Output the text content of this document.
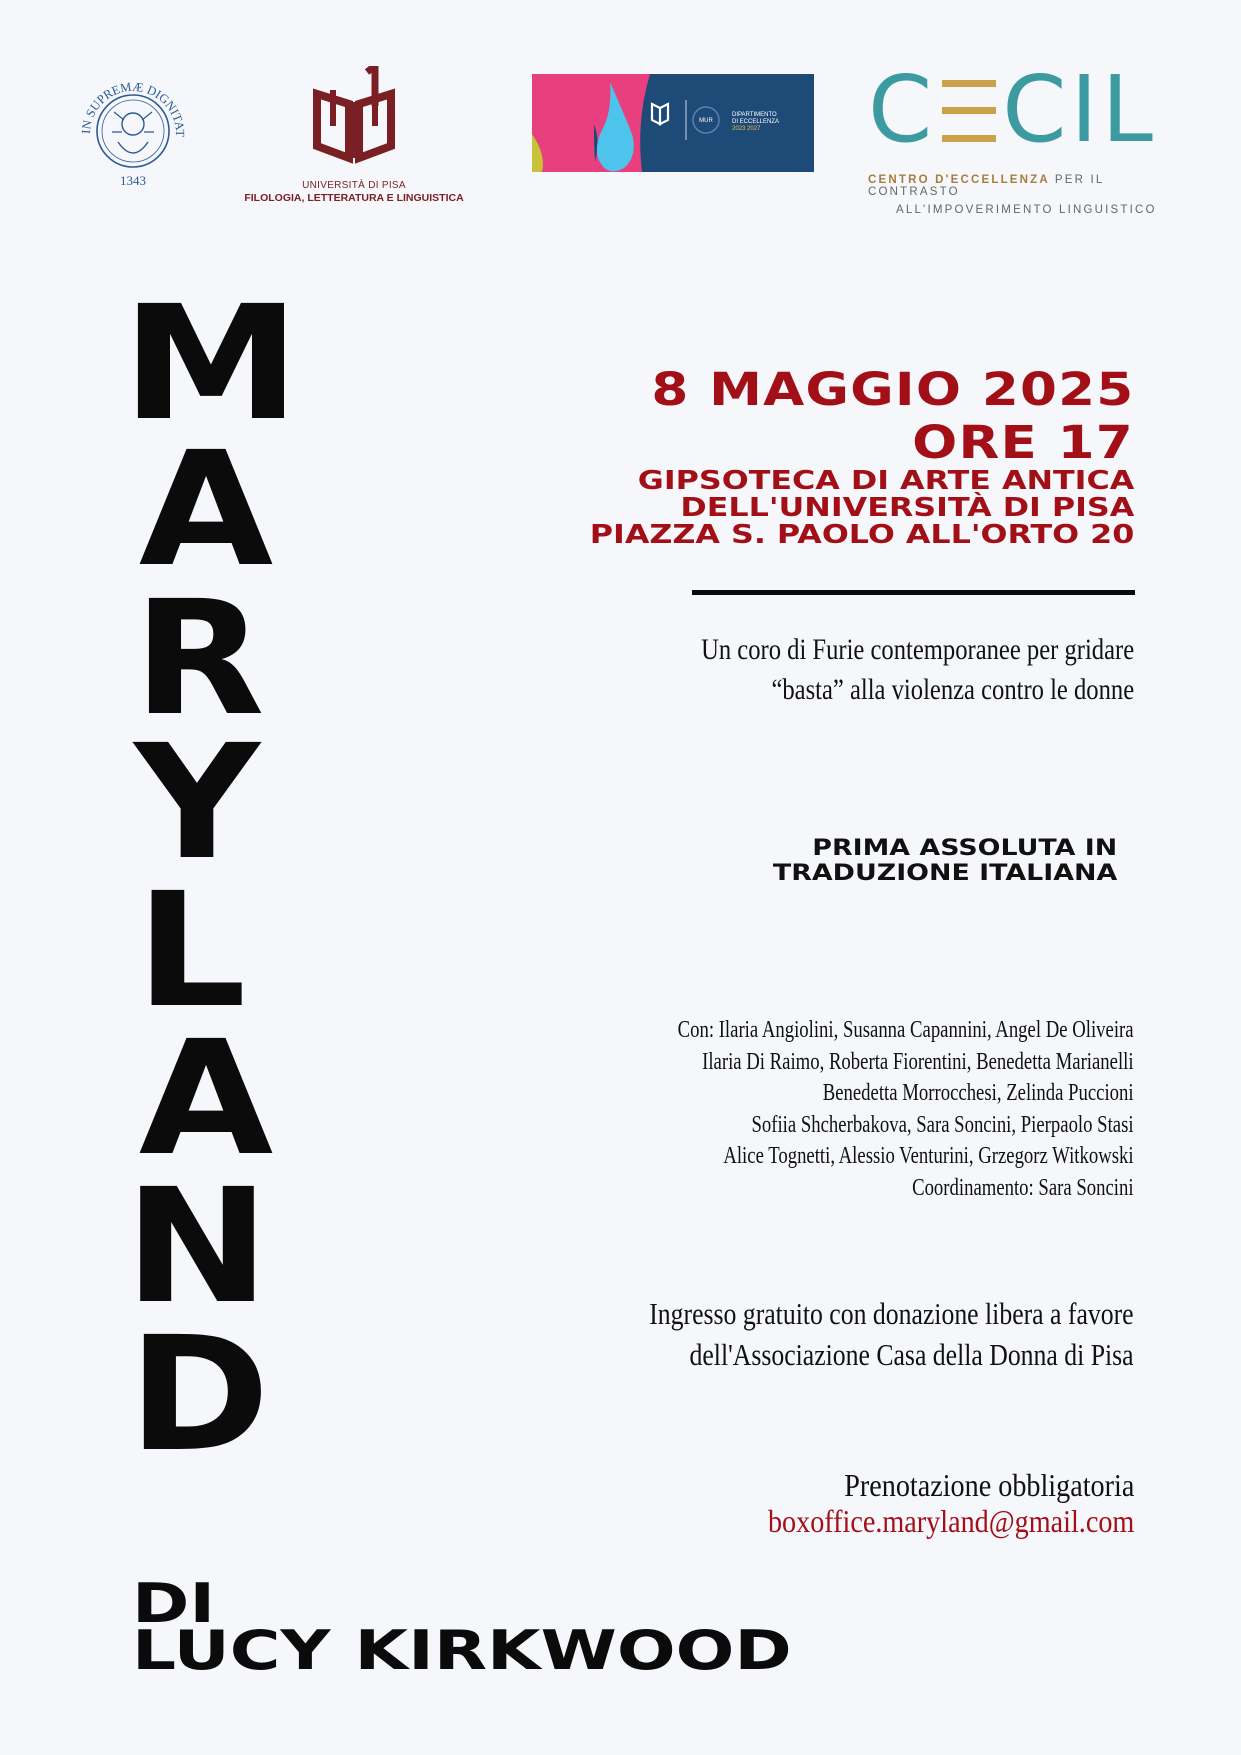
IN SUPREMÆ DIGNITAT
1343	UNIVERSITÀ DI PISA
FILOLOGIA, LETTERATURA E LINGUISTICA
MUR
DIPARTIMENTO
DI ECCELLENZA
2023 2027 C CIL
CENTRO D'ECCELLENZA PER IL CONTRASTO
ALL'IMPOVERIMENTO LINGUISTICO
M
A
R
Y
L
A
N
D
8 MAGGIO 2025
ORE 17
GIPSOTECA DI ARTE ANTICA
DELL'UNIVERSITÀ DI PISA
PIAZZA S. PAOLO ALL'ORTO 20
Un coro di Furie contemporanee per gridare
“basta” alla violenza contro le donne
PRIMA ASSOLUTA IN
TRADUZIONE ITALIANA
Con: Ilaria Angiolini, Susanna Capannini, Angel De Oliveira
Ilaria Di Raimo, Roberta Fiorentini, Benedetta Marianelli
Benedetta Morrocchesi, Zelinda Puccioni
Sofiia Shcherbakova, Sara Soncini, Pierpaolo Stasi
Alice Tognetti, Alessio Venturini, Grzegorz Witkowski
Coordinamento: Sara Soncini
Ingresso gratuito con donazione libera a favore
dell'Associazione Casa della Donna di Pisa
Prenotazione obbligatoria
boxoffice.maryland@gmail.com
DI
LUCY KIRKWOOD
